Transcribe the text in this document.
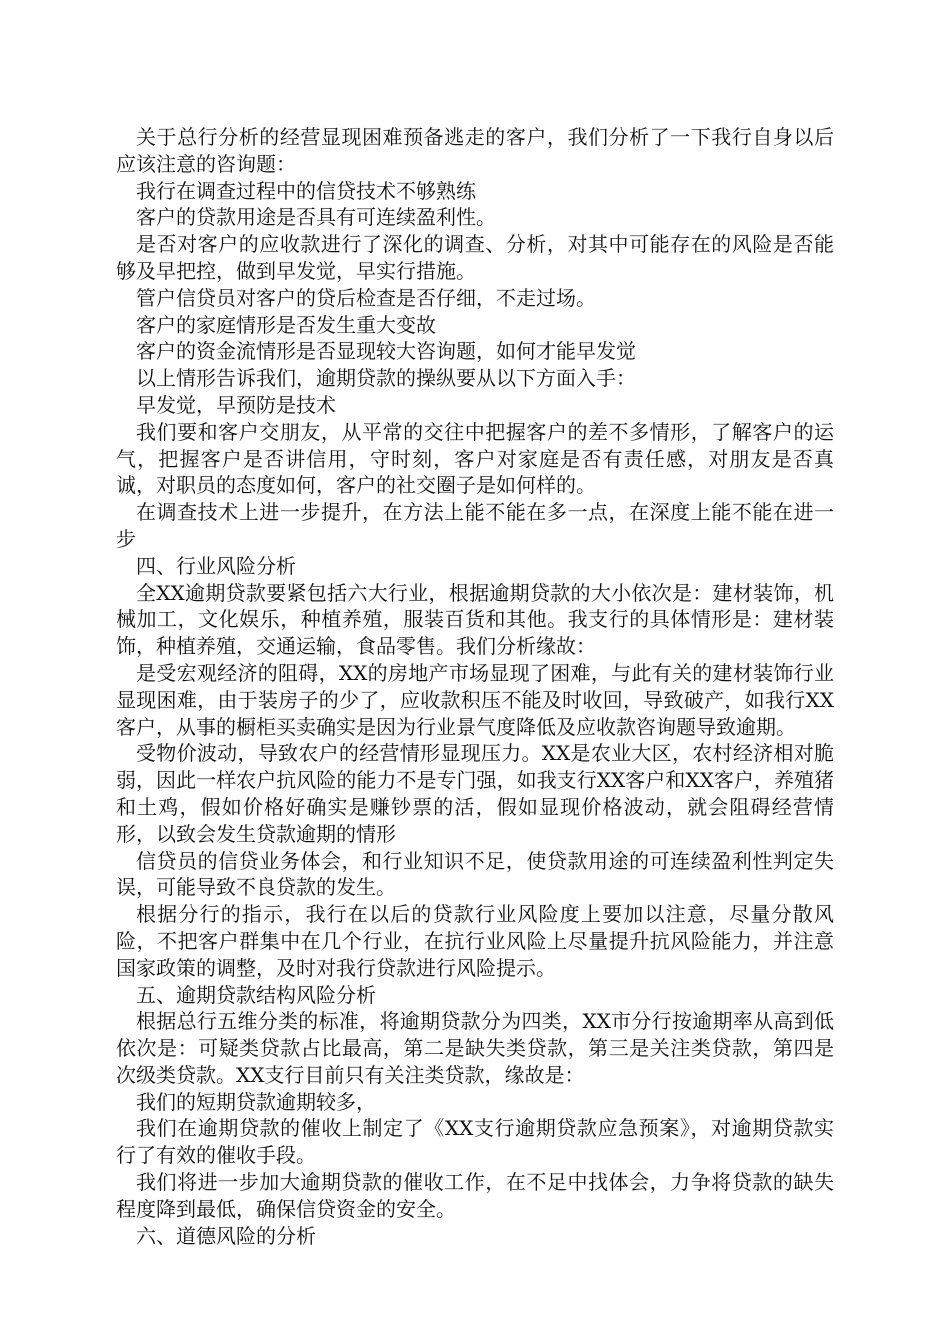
关于总行分析的经营显现困难预备逃走的客户，我们分析了一下我行自身以后应该注意的咨询题：

我行在调查过程中的信贷技术不够熟练

客户的贷款用途是否具有可连续盈利性。

是否对客户的应收款进行了深化的调查、分析，对其中可能存在的风险是否能够及早把控，做到早发觉，早实行措施。

管户信贷员对客户的贷后检查是否仔细，不走过场。

客户的家庭情形是否发生重大变故

客户的资金流情形是否显现较大咨询题，如何才能早发觉

以上情形告诉我们，逾期贷款的操纵要从以下方面入手：

早发觉，早预防是技术

我们要和客户交朋友，从平常的交往中把握客户的差不多情形，了解客户的运气，把握客户是否讲信用，守时刻，客户对家庭是否有责任感，对朋友是否真诚，对职员的态度如何，客户的社交圈子是如何样的。

在调查技术上进一步提升，在方法上能不能在多一点，在深度上能不能在进一步

四、行业风险分析

全XX逾期贷款要紧包括六大行业，根据逾期贷款的大小依次是：建材装饰，机械加工，文化娱乐，种植养殖，服装百货和其他。我支行的具体情形是：建材装饰，种植养殖，交通运输，食品零售。我们分析缘故：

是受宏观经济的阻碍，XX的房地产市场显现了困难，与此有关的建材装饰行业显现困难，由于装房子的少了，应收款积压不能及时收回，导致破产，如我行XX客户，从事的橱柜买卖确实是因为行业景气度降低及应收款咨询题导致逾期。

受物价波动，导致农户的经营情形显现压力。XX是农业大区，农村经济相对脆弱，因此一样农户抗风险的能力不是专门强，如我支行XX客户和XX客户，养殖猪和土鸡，假如价格好确实是赚钞票的活，假如显现价格波动，就会阻碍经营情形，以致会发生贷款逾期的情形

信贷员的信贷业务体会，和行业知识不足，使贷款用途的可连续盈利性判定失误，可能导致不良贷款的发生。

根据分行的指示，我行在以后的贷款行业风险度上要加以注意，尽量分散风险，不把客户群集中在几个行业，在抗行业风险上尽量提升抗风险能力，并注意国家政策的调整，及时对我行贷款进行风险提示。

五、逾期贷款结构风险分析

根据总行五维分类的标准，将逾期贷款分为四类，XX市分行按逾期率从高到低依次是：可疑类贷款占比最高，第二是缺失类贷款，第三是关注类贷款，第四是次级类贷款。XX支行目前只有关注类贷款，缘故是：

我们的短期贷款逾期较多，

我们在逾期贷款的催收上制定了《XX支行逾期贷款应急预案》，对逾期贷款实行了有效的催收手段。

我们将进一步加大逾期贷款的催收工作，在不足中找体会，力争将贷款的缺失程度降到最低，确保信贷资金的安全。

六、道德风险的分析
